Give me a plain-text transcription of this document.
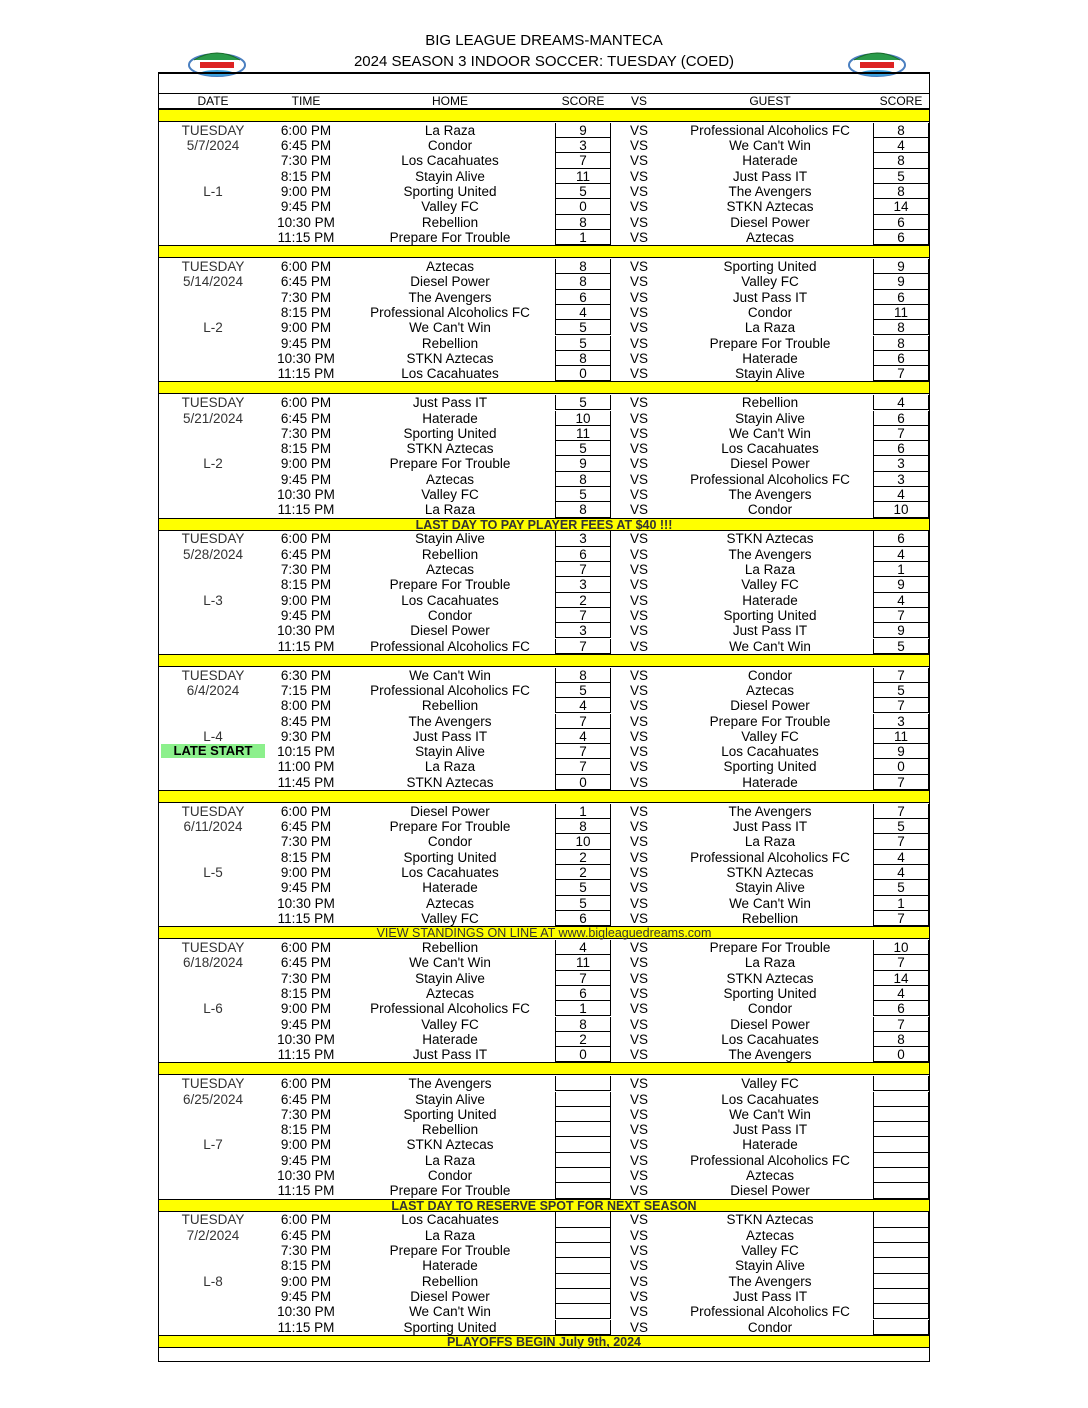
BIG LEAGUE DREAMS-MANTECA
2024 SEASON 3 INDOOR SOCCER: TUESDAY (COED)
DATE	TIME	HOME	SCORE	VS	GUEST	SCORE
TUESDAY	6:00 PM	La Raza	9	VS	Professional Alcoholics FC	8
5/7/2024	6:45 PM	Condor	3	VS	We Can't Win	4
7:30 PM	Los Cacahuates	7	VS	Haterade	8
8:15 PM	Stayin Alive	11	VS	Just Pass IT	5
L-1	9:00 PM	Sporting United	5	VS	The Avengers	8
9:45 PM	Valley FC	0	VS	STKN Aztecas	14
10:30 PM	Rebellion	8	VS	Diesel Power	6
11:15 PM	Prepare For Trouble	1	VS	Aztecas	6
TUESDAY	6:00 PM	Aztecas	8	VS	Sporting United	9
5/14/2024	6:45 PM	Diesel Power	8	VS	Valley FC	9
7:30 PM	The Avengers	6	VS	Just Pass IT	6
8:15 PM	Professional Alcoholics FC	4	VS	Condor	11
L-2	9:00 PM	We Can't Win	5	VS	La Raza	8
9:45 PM	Rebellion	5	VS	Prepare For Trouble	8
10:30 PM	STKN Aztecas	8	VS	Haterade	6
11:15 PM	Los Cacahuates	0	VS	Stayin Alive	7
TUESDAY	6:00 PM	Just Pass IT	5	VS	Rebellion	4
5/21/2024	6:45 PM	Haterade	10	VS	Stayin Alive	6
7:30 PM	Sporting United	11	VS	We Can't Win	7
8:15 PM	STKN Aztecas	5	VS	Los Cacahuates	6
L-2	9:00 PM	Prepare For Trouble	9	VS	Diesel Power	3
9:45 PM	Aztecas	8	VS	Professional Alcoholics FC	3
10:30 PM	Valley FC	5	VS	The Avengers	4
11:15 PM	La Raza	8	VS	Condor	10
LAST DAY TO PAY PLAYER FEES AT $40 !!!
TUESDAY	6:00 PM	Stayin Alive	3	VS	STKN Aztecas	6
5/28/2024	6:45 PM	Rebellion	6	VS	The Avengers	4
7:30 PM	Aztecas	7	VS	La Raza	1
8:15 PM	Prepare For Trouble	3	VS	Valley FC	9
L-3	9:00 PM	Los Cacahuates	2	VS	Haterade	4
9:45 PM	Condor	7	VS	Sporting United	7
10:30 PM	Diesel Power	3	VS	Just Pass IT	9
11:15 PM	Professional Alcoholics FC	7	VS	We Can't Win	5
TUESDAY	6:30 PM	We Can't Win	8	VS	Condor	7
6/4/2024	7:15 PM	Professional Alcoholics FC	5	VS	Aztecas	5
8:00 PM	Rebellion	4	VS	Diesel Power	7
8:45 PM	The Avengers	7	VS	Prepare For Trouble	3
L-4	9:30 PM	Just Pass IT	4	VS	Valley FC	11
LATE START	10:15 PM	Stayin Alive	7	VS	Los Cacahuates	9
11:00 PM	La Raza	7	VS	Sporting United	0
11:45 PM	STKN Aztecas	0	VS	Haterade	7
TUESDAY	6:00 PM	Diesel Power	1	VS	The Avengers	7
6/11/2024	6:45 PM	Prepare For Trouble	8	VS	Just Pass IT	5
7:30 PM	Condor	10	VS	La Raza	7
8:15 PM	Sporting United	2	VS	Professional Alcoholics FC	4
L-5	9:00 PM	Los Cacahuates	2	VS	STKN Aztecas	4
9:45 PM	Haterade	5	VS	Stayin Alive	5
10:30 PM	Aztecas	5	VS	We Can't Win	1
11:15 PM	Valley FC	6	VS	Rebellion	7
VIEW STANDINGS ON LINE AT www.bigleaguedreams.com
TUESDAY	6:00 PM	Rebellion	4	VS	Prepare For Trouble	10
6/18/2024	6:45 PM	We Can't Win	11	VS	La Raza	7
7:30 PM	Stayin Alive	7	VS	STKN Aztecas	14
8:15 PM	Aztecas	6	VS	Sporting United	4
L-6	9:00 PM	Professional Alcoholics FC	1	VS	Condor	6
9:45 PM	Valley FC	8	VS	Diesel Power	7
10:30 PM	Haterade	2	VS	Los Cacahuates	8
11:15 PM	Just Pass IT	0	VS	The Avengers	0
TUESDAY	6:00 PM	The Avengers	VS	Valley FC
6/25/2024	6:45 PM	Stayin Alive	VS	Los Cacahuates
7:30 PM	Sporting United	VS	We Can't Win
8:15 PM	Rebellion	VS	Just Pass IT
L-7	9:00 PM	STKN Aztecas	VS	Haterade
9:45 PM	La Raza	VS	Professional Alcoholics FC
10:30 PM	Condor	VS	Aztecas
11:15 PM	Prepare For Trouble	VS	Diesel Power
LAST DAY TO RESERVE SPOT FOR NEXT SEASON
TUESDAY	6:00 PM	Los Cacahuates	VS	STKN Aztecas
7/2/2024	6:45 PM	La Raza	VS	Aztecas
7:30 PM	Prepare For Trouble	VS	Valley FC
8:15 PM	Haterade	VS	Stayin Alive
L-8	9:00 PM	Rebellion	VS	The Avengers
9:45 PM	Diesel Power	VS	Just Pass IT
10:30 PM	We Can't Win	VS	Professional Alcoholics FC
11:15 PM	Sporting United	VS	Condor
PLAYOFFS BEGIN July 9th, 2024
